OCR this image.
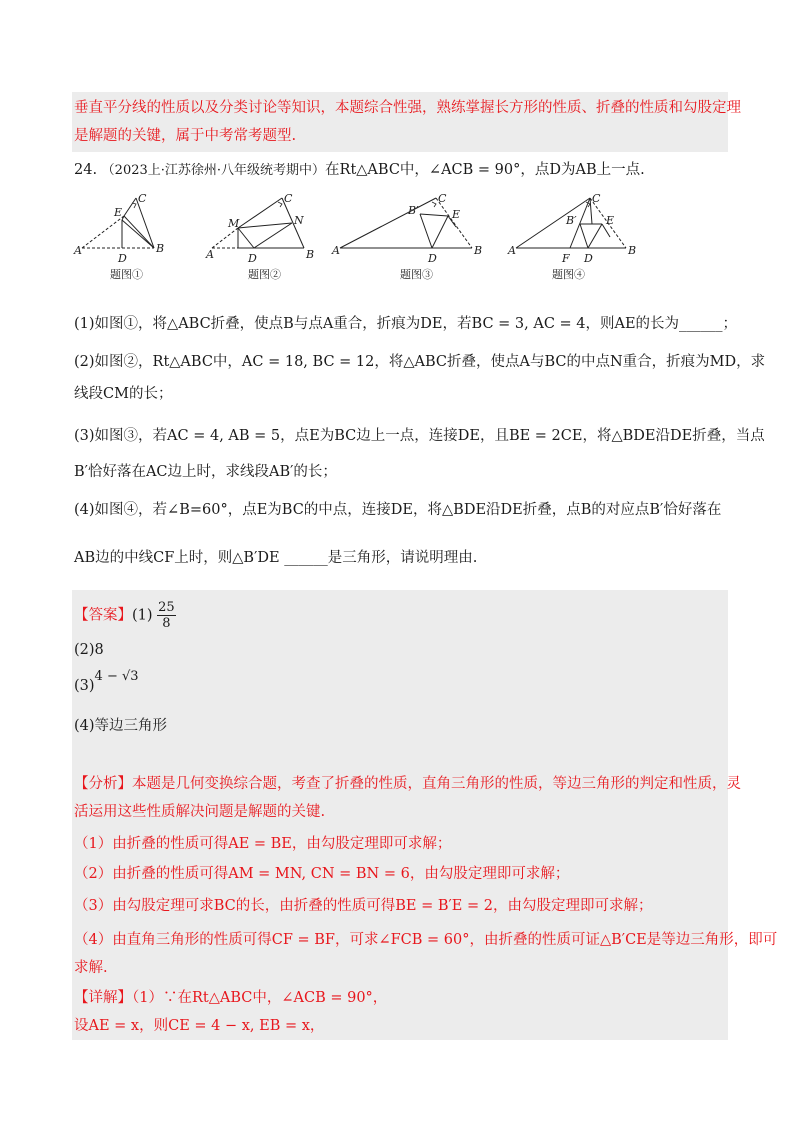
垂直平分线的性质以及分类讨论等知识，本题综合性强，熟练掌握长方形的性质、折叠的性质和勾股定理
是解题的关键，属于中考常考题型.
24. （2023上·江苏徐州·八年级统考期中）在Rt△ABC中，∠ACB = 90°，点D为AB上一点.
C
E
A
D
B
题图①
C
M	N
A	D	B
题图②
C
B′	E
A
D
B
题图③
C
B′	E
A
F D
B
题图④
(1)如图①，将△ABC折叠，使点B与点A重合，折痕为DE，若BC = 3, AC = 4，则AE的长为______；
(2)如图②，Rt△ABC中，AC = 18, BC = 12，将△ABC折叠，使点A与BC的中点N重合，折痕为MD，求
线段CM的长；
(3)如图③，若AC = 4, AB = 5，点E为BC边上一点，连接DE，且BE = 2CE，将△BDE沿DE折叠，当点
B′恰好落在AC边上时，求线段AB′的长；
(4)如图④，若∠B=60°，点E为BC的中点，连接DE，将△BDE沿DE折叠，点B的对应点B′恰好落在
AB边的中线CF上时，则△B′DE ______是三角形，请说明理由.
【答案】$(1) \frac{25}{8}$
(2)8
(3)4 − √3
(4)等边三角形
【分析】本题是几何变换综合题，考查了折叠的性质，直角三角形的性质，等边三角形的判定和性质，灵
活运用这些性质解决问题是解题的关键.
（1）由折叠的性质可得AE = BE，由勾股定理即可求解；
（2）由折叠的性质可得AM = MN, CN = BN = 6，由勾股定理即可求解；
（3）由勾股定理可求BC的长，由折叠的性质可得BE = B′E = 2，由勾股定理即可求解；
（4）由直角三角形的性质可得CF = BF，可求∠FCB = 60°，由折叠的性质可证△B′CE是等边三角形，即可
求解.
【详解】（1）∵在Rt△ABC中，∠ACB = 90°，
设AE = x，则CE = 4 − x, EB = x，
